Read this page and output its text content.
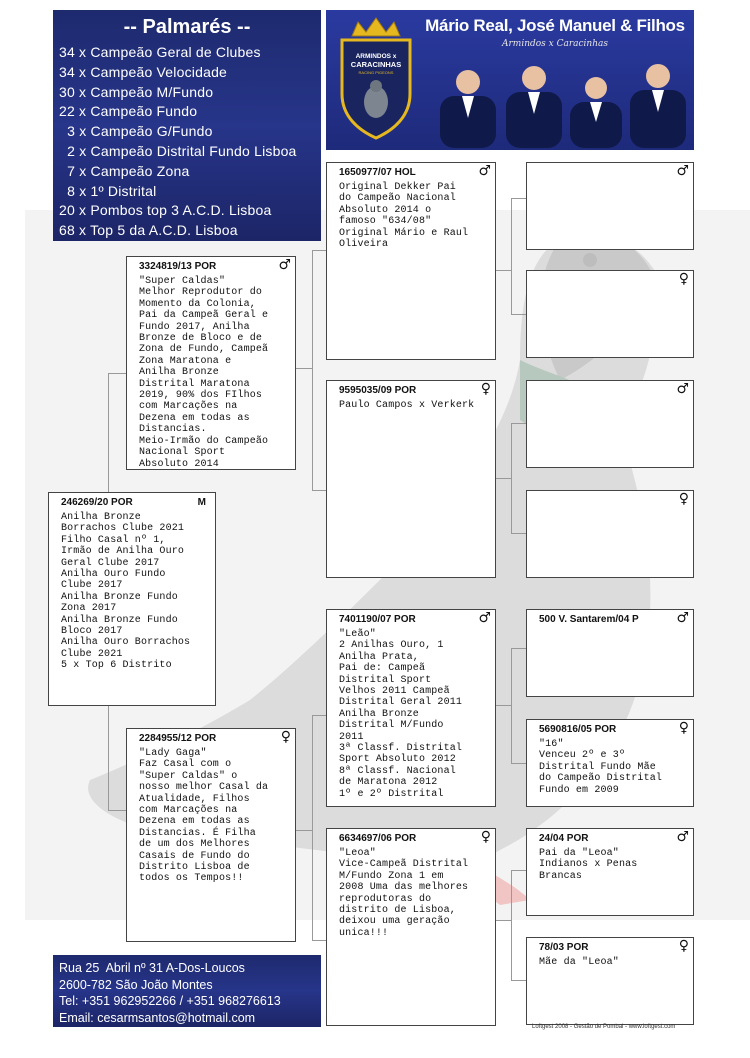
-- Palmarés --
34 x Campeão Geral de Clubes
34 x Campeão Velocidade
30 x Campeão M/Fundo
22 x Campeão Fundo
3 x Campeão G/Fundo
2 x Campeão Distrital Fundo Lisboa
7 x Campeão Zona
8 x 1º Distrital
20 x Pombos top 3 A.C.D. Lisboa
68 x Top 5 da A.C.D. Lisboa
ARMINDOS x
CARACINHAS
RACING PIGEONS
Mário Real, José Manuel & Filhos
Armindos x Caracinhas
246269/20 POR	M
Anilha Bronze
Borrachos Clube 2021
Filho Casal nº 1,
Irmão de Anilha Ouro
Geral Clube 2017
Anilha Ouro Fundo
Clube 2017
Anilha Bronze Fundo
Zona 2017
Anilha Bronze Fundo
Bloco 2017
Anilha Ouro Borrachos
Clube 2021
5 x Top 6 Distrito
3324819/13 POR	♂
"Super Caldas"
Melhor Reprodutor do
Momento da Colonia,
Pai da Campeã Geral e
Fundo 2017, Anilha
Bronze de Bloco e de
Zona de Fundo, Campeã
Zona Maratona e
Anilha Bronze
Distrital Maratona
2019, 90% dos FIlhos
com Marcações na
Dezena em todas as
Distancias.
Meio-Irmão do Campeão
Nacional Sport
Absoluto 2014
2284955/12 POR	♀
"Lady Gaga"
Faz Casal com o
"Super Caldas" o
nosso melhor Casal da
Atualidade, Filhos
com Marcações na
Dezena em todas as
Distancias. É Filha
de um dos Melhores
Casais de Fundo do
Distrito Lisboa de
todos os Tempos!!
1650977/07 HOL	♂
Original Dekker Pai
do Campeão Nacional
Absoluto 2014 o
famoso "634/08"
Original Mário e Raul
Oliveira
9595035/09 POR	♀
Paulo Campos x Verkerk
7401190/07 POR	♂
"Leão"
2 Anilhas Ouro, 1
Anilha Prata,
Pai de: Campeã
Distrital Sport
Velhos 2011 Campeã
Distrital Geral 2011
Anilha Bronze
Distrital M/Fundo
2011
3ª Classf. Distrital
Sport Absoluto 2012
8ª Classf. Nacional
de Maratona 2012
1º e 2º Distrital
6634697/06 POR	♀
"Leoa"
Vice-Campeã Distrital
M/Fundo Zona 1 em
2008 Uma das melhores
reprodutoras do
distrito de Lisboa,
deixou uma geração
unica!!!
♂
♀
♂
♀
500 V. Santarem/04 P	♂
5690816/05 POR	♀
"16"
Venceu 2º e 3º
Distrital Fundo Mãe
do Campeão Distrital
Fundo em 2009
24/04 POR	♂
Pai da "Leoa"
Indianos x Penas
Brancas
78/03 POR	♀
Mãe da "Leoa"
Rua 25  Abril nº 31 A-Dos-Loucos
2600-782 São João Montes
Tel: +351 962952266 / +351 968276613
Email: cesarmsantos@hotmail.com
Loftgest 2008 - Gestão de Pombal - www.loftgest.com
